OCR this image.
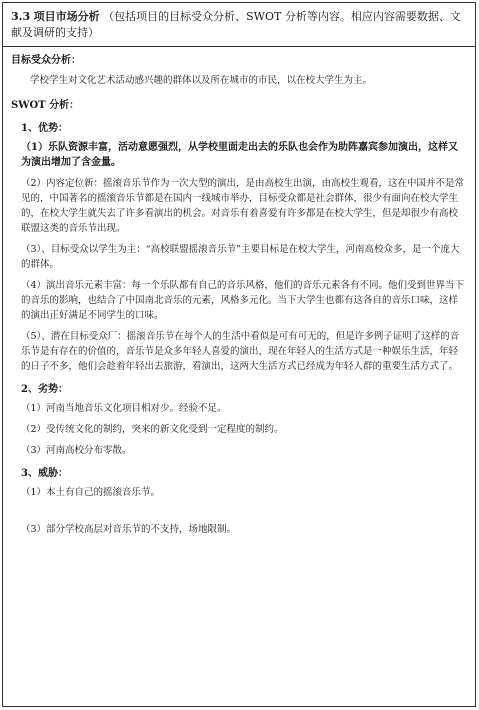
3.3 项目市场分析 （包括项目的目标受众分析、SWOT 分析等内容。相应内容需要数据、文献及调研的支持）
目标受众分析：

学校学生对文化艺术活动感兴趣的群体以及所在城市的市民，以在校大学生为主。

SWOT 分析：
1、优势：
（1）乐队资源丰富，活动意愿强烈，从学校里面走出去的乐队也会作为助阵嘉宾参加演出，这样又为演出增加了含金量。
（2）内容定位新：摇滚音乐节作为一次大型的演出，是由高校生出演，由高校生观看，这在中国并不是常见的，中国著名的摇滚音乐节都是在国内一线城市举办，目标受众都是社会群体，很少有面向在校大学生的，在校大学生就失去了许多看演出的机会。对音乐有着喜爱有许多都是在校大学生，但是却很少有高校联盟这类的音乐节出现。
（3）、目标受众以学生为主：“高校联盟摇滚音乐节”主要目标是在校大学生，河南高校众多，是一个庞大的群体。
（4）演出音乐元素丰富：每一个乐队都有自己的音乐风格，他们的音乐元素各有不同。他们受到世界当下的音乐的影响，也结合了中国南北音乐的元素，风格多元化。当下大学生也都有这各自的音乐口味，这样的演出正好满足不同学生的口味。
（5）、潜在目标受众厂：摇滚音乐节在每个人的生活中看似是可有可无的，但是许多例子证明了这样的音乐节是有存在的价值的，音乐节是众多年轻人喜爱的演出，现在年轻人的生活方式是一种娱乐生活，年轻的日子不多，他们会趁着年轻出去旅游，看演出，这两大生活方式已经成为年轻人群的重要生活方式了。
2、劣势：
（1）河南当地音乐文化项目相对少。经验不足。
（2）受传统文化的制约，突来的新文化受到一定程度的制约。
（3）河南高校分布零散。
3、威胁：
（1）本土有自己的摇滚音乐节。
（3）部分学校高层对音乐节的不支持，场地限制。
